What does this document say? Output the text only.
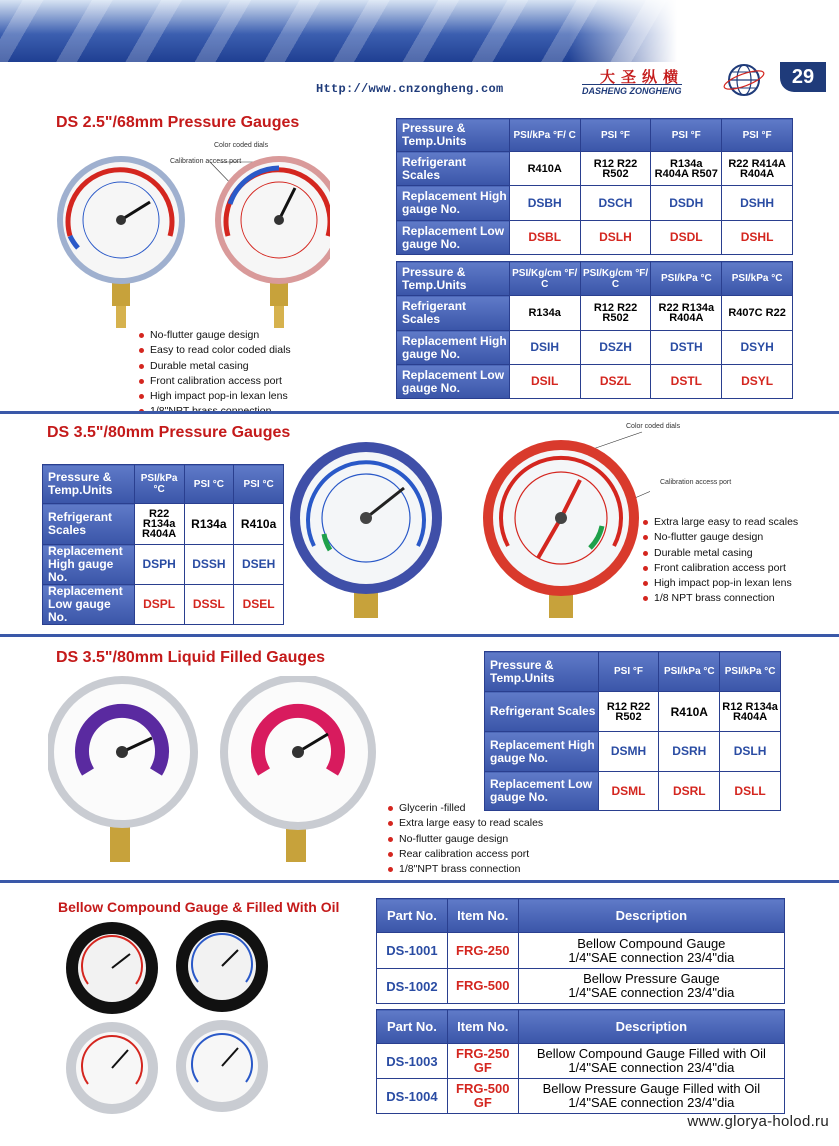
Http://www.cnzongheng.com
大圣纵横
DASHENG ZONGHENG
29
DS 2.5"/68mm Pressure Gauges
Color coded dials
Calibration access port
No-flutter gauge design
Easy to read color coded dials
Durable metal casing
Front calibration access port
High impact pop-in lexan lens
Pressure & Temp.Units	PSI/kPa °F/ C	PSI °F	PSI °F	PSI °F
Refrigerant Scales	R410A	R12 R22 R502	R134a R404A R507	R22 R414A R404A
Replacement High gauge No.	DSBH	DSCH	DSDH	DSHH
Replacement Low gauge No.	DSBL	DSLH	DSDL	DSHL
Pressure & Temp.Units	PSI/Kg/cm °F/ C	PSI/Kg/cm °F/ C	PSI/kPa °C	PSI/kPa °C
Refrigerant Scales	R134a	R12 R22 R502	R22 R134a R404A	R407C R22
Replacement High gauge No.	DSIH	DSZH	DSTH	DSYH
Replacement Low gauge No.	DSIL	DSZL	DSTL	DSYL
DS 3.5"/80mm Pressure Gauges	Color coded dials
Calibration access port
Pressure & Temp.Units	PSI/kPa °C	PSI °C	PSI °C
Refrigerant Scales	R22 R134a R404A	R134a	R410a
Replacement High gauge No.	DSPH	DSSH	DSEH
Replacement Low gauge No.	DSPL	DSSL	DSEL
Extra large easy to read scales
No-flutter gauge design
Durable metal casing
Front calibration access port
High impact pop-in lexan lens
1/8 NPT brass connection
DS 3.5"/80mm Liquid Filled Gauges	Pressure & Temp.Units	PSI °F	PSI/kPa °C	PSI/kPa °C
Refrigerant Scales	R12 R22 R502	R410A	R12 R134a R404A
Replacement High gauge No.	DSMH	DSRH	DSLH
Replacement Low gauge No.	DSML	DSRL	DSLL
Glycerin -filled
Extra large easy to read scales
No-flutter gauge design
Rear calibration access port
1/8"NPT brass connection
Bellow Compound Gauge & Filled With Oil
Part No.	Item No.	Description
DS-1001	FRG-250	Bellow Compound Gauge
1/4"SAE connection 23/4"dia

DS-1002	FRG-500	Bellow Pressure Gauge
1/4"SAE connection 23/4"dia
Part No.	Item No.	Description
DS-1003	FRG-250 GF	Bellow Compound Gauge Filled with Oil
1/4"SAE connection 23/4"dia

DS-1004	FRG-500 GF	Bellow Pressure Gauge Filled with Oil
1/4"SAE connection 23/4"dia
www.glorya-holod.ru
